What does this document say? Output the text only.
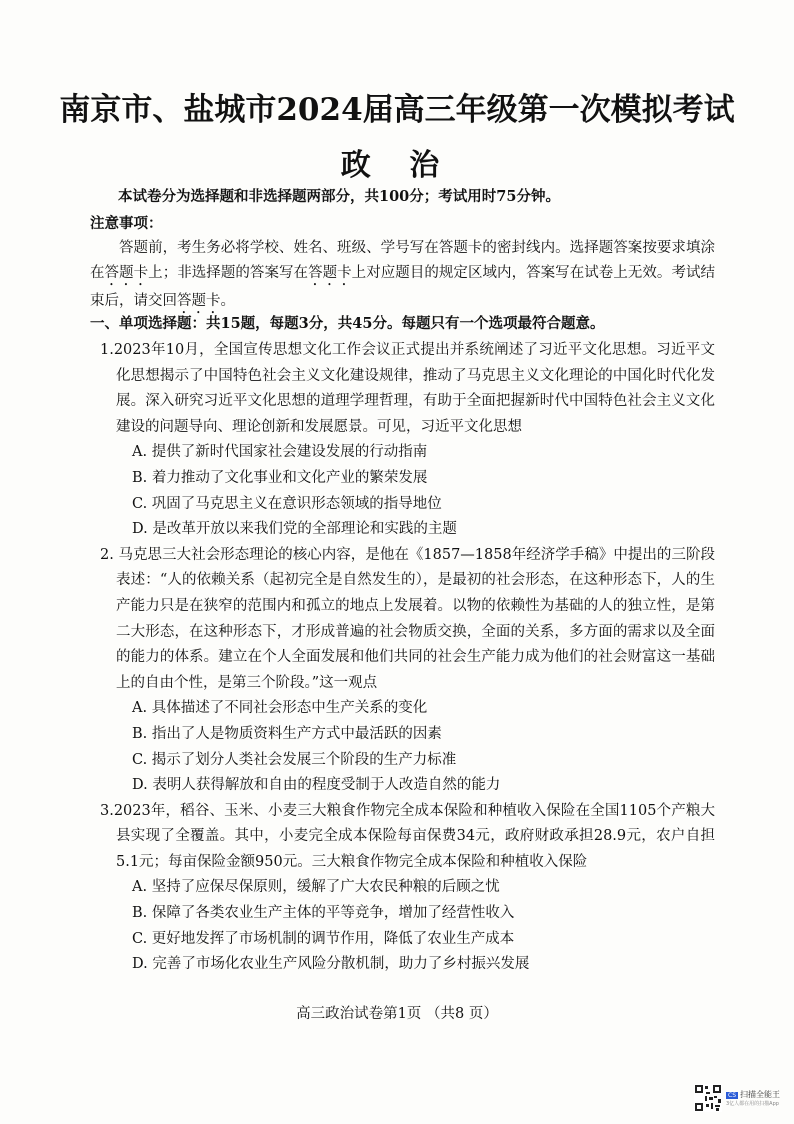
南京市、盐城市2024届高三年级第一次模拟考试
政 治
本试卷分为选择题和非选择题两部分，共100分；考试用时75分钟。
注意事项：
答题前，考生务必将学校、姓名、班级、学号写在答题卡的密封线内。选择题答案按要求填涂在答题卡上；非选择题的答案写在答题卡上对应题目的规定区域内，答案写在试卷上无效。考试结束后，请交回答题卡。
一、单项选择题：共15题，每题3分，共45分。每题只有一个选项最符合题意。

1.2023年10月，全国宣传思想文化工作会议正式提出并系统阐述了习近平文化思想。习近平文化思想揭示了中国特色社会主义文化建设规律，推动了马克思主义文化理论的中国化时代化发展。深入研究习近平文化思想的道理学理哲理，有助于全面把握新时代中国特色社会主义文化建设的问题导向、理论创新和发展愿景。可见，习近平文化思想

A. 提供了新时代国家社会建设发展的行动指南

B. 着力推动了文化事业和文化产业的繁荣发展

C. 巩固了马克思主义在意识形态领域的指导地位

D. 是改革开放以来我们党的全部理论和实践的主题

2. 马克思三大社会形态理论的核心内容，是他在《1857—1858年经济学手稿》中提出的三阶段表述：“人的依赖关系（起初完全是自然发生的），是最初的社会形态，在这种形态下，人的生产能力只是在狭窄的范围内和孤立的地点上发展着。以物的依赖性为基础的人的独立性，是第二大形态，在这种形态下，才形成普遍的社会物质交换，全面的关系，多方面的需求以及全面的能力的体系。建立在个人全面发展和他们共同的社会生产能力成为他们的社会财富这一基础上的自由个性，是第三个阶段。”这一观点

A. 具体描述了不同社会形态中生产关系的变化

B. 指出了人是物质资料生产方式中最活跃的因素

C. 揭示了划分人类社会发展三个阶段的生产力标准

D. 表明人获得解放和自由的程度受制于人改造自然的能力

3.2023年，稻谷、玉米、小麦三大粮食作物完全成本保险和种植收入保险在全国1105个产粮大县实现了全覆盖。其中，小麦完全成本保险每亩保费34元，政府财政承担28.9元，农户自担5.1元；每亩保险金额950元。三大粮食作物完全成本保险和种植收入保险

A. 坚持了应保尽保原则，缓解了广大农民种粮的后顾之忧

B. 保障了各类农业生产主体的平等竞争，增加了经营性收入

C. 更好地发挥了市场机制的调节作用，降低了农业生产成本

D. 完善了市场化农业生产风险分散机制，助力了乡村振兴发展

高三政治试卷第1页 （共8 页）
CS 扫描全能王
3亿人都在用的扫描App
